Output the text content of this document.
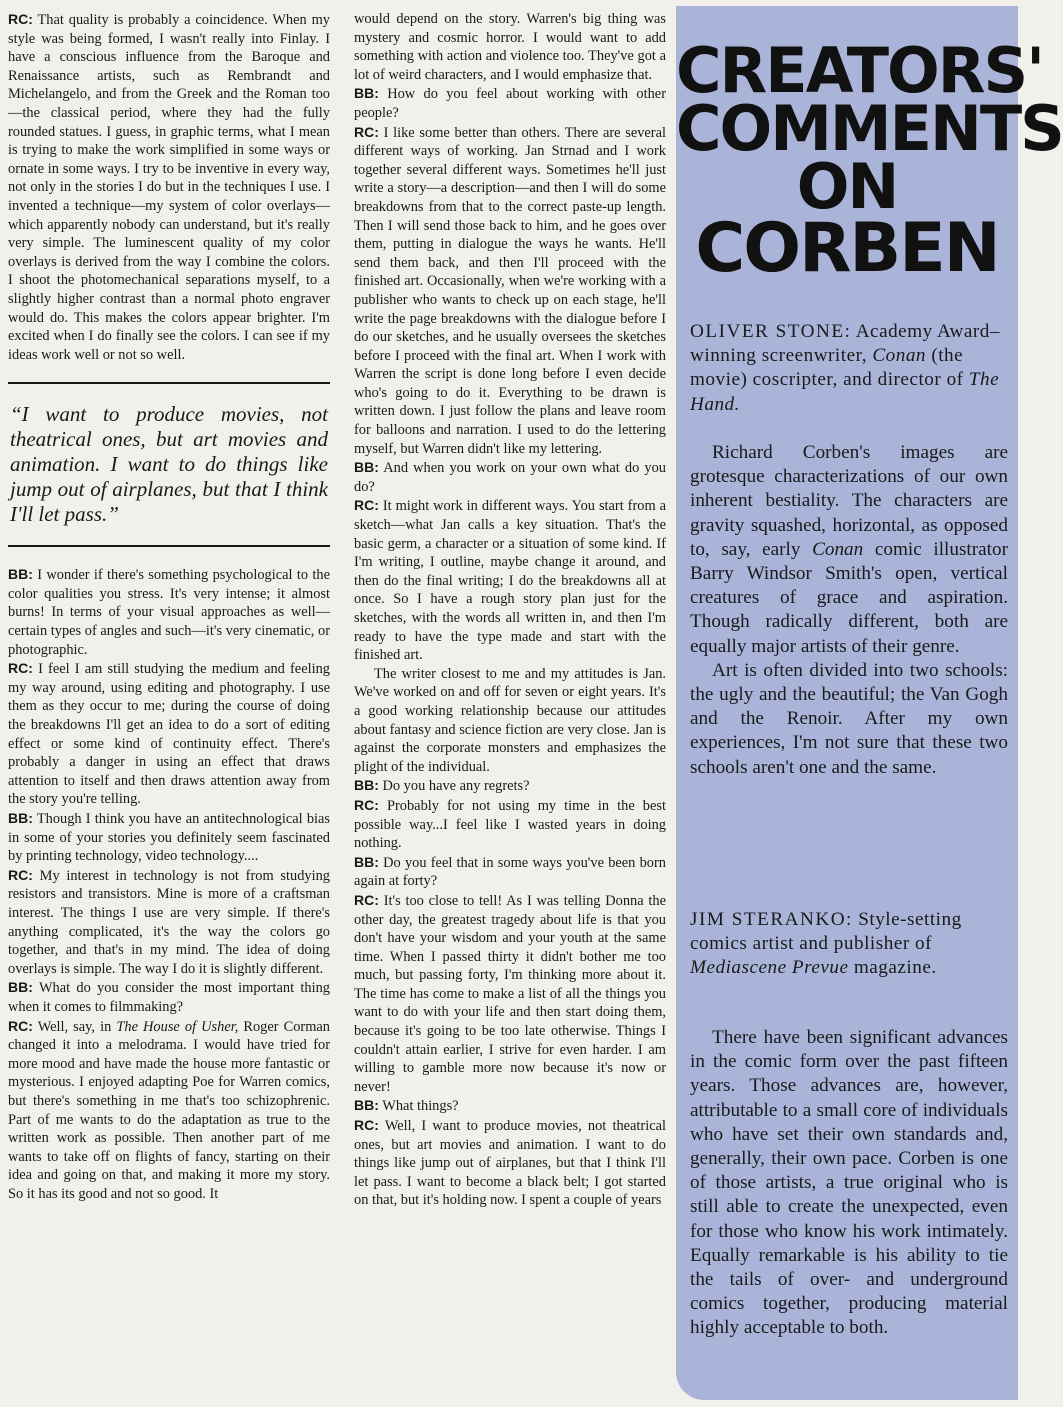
RC: That quality is probably a coincidence. When my style was being formed, I wasn't really into Finlay. I have a conscious influence from the Baroque and Renaissance artists, such as Rembrandt and Michelangelo, and from the Greek and the Roman too—the classical period, where they had the fully rounded statues. I guess, in graphic terms, what I mean is trying to make the work simplified in some ways or ornate in some ways. I try to be inventive in every way, not only in the stories I do but in the techniques I use. I invented a technique—my system of color overlays—which apparently nobody can understand, but it's really very simple. The luminescent quality of my color overlays is derived from the way I combine the colors. I shoot the photomechanical separations myself, to a slightly higher contrast than a normal photo engraver would do. This makes the colors appear brighter. I'm excited when I do finally see the colors. I can see if my ideas work well or not so well.

“I want to produce movies, not theatrical ones, but art movies and animation. I want to do things like jump out of airplanes, but that I think I'll let pass.”

BB: I wonder if there's something psychological to the color qualities you stress. It's very intense; it almost burns! In terms of your visual approaches as well—certain types of angles and such—it's very cinematic, or photographic.

RC: I feel I am still studying the medium and feeling my way around, using editing and photography. I use them as they occur to me; during the course of doing the breakdowns I'll get an idea to do a sort of editing effect or some kind of continuity effect. There's probably a danger in using an effect that draws attention to itself and then draws attention away from the story you're telling.

BB: Though I think you have an antitechnological bias in some of your stories you definitely seem fascinated by printing technology, video technology....

RC: My interest in technology is not from studying resistors and transistors. Mine is more of a craftsman interest. The things I use are very simple. If there's anything complicated, it's the way the colors go together, and that's in my mind. The idea of doing overlays is simple. The way I do it is slightly different.

BB: What do you consider the most important thing when it comes to filmmaking?

RC: Well, say, in The House of Usher, Roger Corman changed it into a melodrama. I would have tried for more mood and have made the house more fantastic or mysterious. I enjoyed adapting Poe for Warren comics, but there's something in me that's too schizophrenic. Part of me wants to do the adaptation as true to the written work as possible. Then another part of me wants to take off on flights of fancy, starting on their idea and going on that, and making it more my story. So it has its good and not so good. It

would depend on the story. Warren's big thing was mystery and cosmic horror. I would want to add something with action and violence too. They've got a lot of weird characters, and I would emphasize that.

BB: How do you feel about working with other people?

RC: I like some better than others. There are several different ways of working. Jan Strnad and I work together several different ways. Sometimes he'll just write a story—a description—and then I will do some breakdowns from that to the correct paste-up length. Then I will send those back to him, and he goes over them, putting in dialogue the ways he wants. He'll send them back, and then I'll proceed with the finished art. Occasionally, when we're working with a publisher who wants to check up on each stage, he'll write the page breakdowns with the dialogue before I do our sketches, and he usually oversees the sketches before I proceed with the final art. When I work with Warren the script is done long before I even decide who's going to do it. Everything to be drawn is written down. I just follow the plans and leave room for balloons and narration. I used to do the lettering myself, but Warren didn't like my lettering.

BB: And when you work on your own what do you do?

RC: It might work in different ways. You start from a sketch—what Jan calls a key situation. That's the basic germ, a character or a situation of some kind. If I'm writing, I outline, maybe change it around, and then do the final writing; I do the breakdowns all at once. So I have a rough story plan just for the sketches, with the words all written in, and then I'm ready to have the type made and start with the finished art.

The writer closest to me and my attitudes is Jan. We've worked on and off for seven or eight years. It's a good working relationship because our attitudes about fantasy and science fiction are very close. Jan is against the corporate monsters and emphasizes the plight of the individual.

BB: Do you have any regrets?

RC: Probably for not using my time in the best possible way...I feel like I wasted years in doing nothing.

BB: Do you feel that in some ways you've been born again at forty?

RC: It's too close to tell! As I was telling Donna the other day, the greatest tragedy about life is that you don't have your wisdom and your youth at the same time. When I passed thirty it didn't bother me too much, but passing forty, I'm thinking more about it. The time has come to make a list of all the things you want to do with your life and then start doing them, because it's going to be too late otherwise. Things I couldn't attain earlier, I strive for even harder. I am willing to gamble more now because it's now or never!

BB: What things?

RC: Well, I want to produce movies, not theatrical ones, but art movies and animation. I want to do things like jump out of airplanes, but that I think I'll let pass. I want to become a black belt; I got started on that, but it's holding now. I spent a couple of years

CREATORS'
COMMENTS
ON
CORBEN
OLIVER STONE: Academy Award–winning screenwriter, Conan (the movie) coscripter, and director of The Hand.

Richard Corben's images are grotesque characterizations of our own inherent bestiality. The characters are gravity squashed, horizontal, as opposed to, say, early Conan comic illustrator Barry Windsor Smith's open, vertical creatures of grace and aspiration. Though radically different, both are equally major artists of their genre.

Art is often divided into two schools: the ugly and the beautiful; the Van Gogh and the Renoir. After my own experiences, I'm not sure that these two schools aren't one and the same.

JIM STERANKO: Style-setting comics artist and publisher of Mediascene Prevue magazine.

There have been significant advances in the comic form over the past fifteen years. Those advances are, however, attributable to a small core of individuals who have set their own standards and, generally, their own pace. Corben is one of those artists, a true original who is still able to create the unexpected, even for those who know his work intimately. Equally remarkable is his ability to tie the tails of over- and underground comics together, producing material highly acceptable to both.
